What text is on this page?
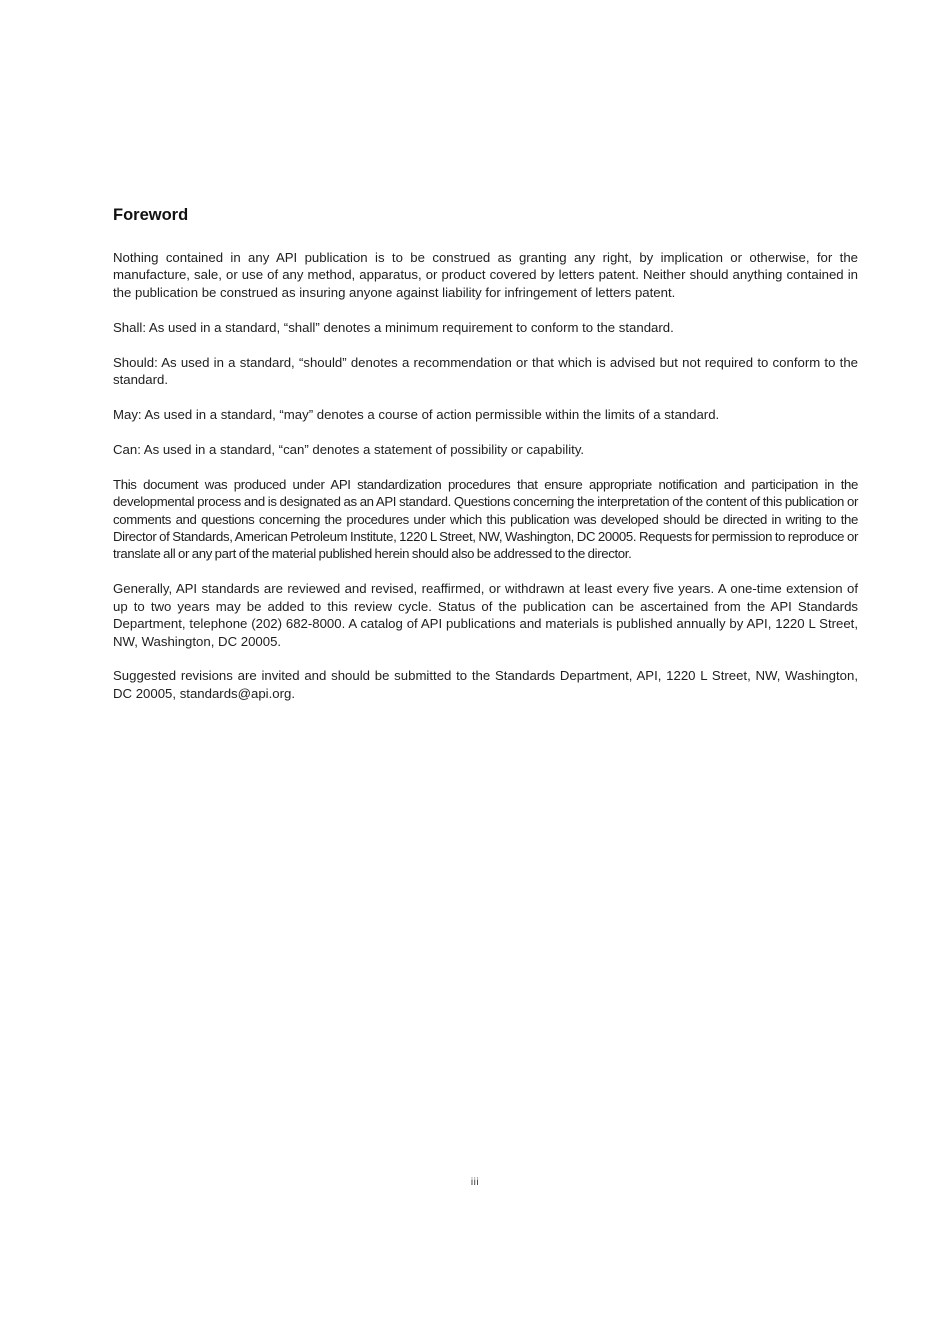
Foreword

Nothing contained in any API publication is to be construed as granting any right, by implication or otherwise, for the manufacture, sale, or use of any method, apparatus, or product covered by letters patent. Neither should anything contained in the publication be construed as insuring anyone against liability for infringement of letters patent.

Shall: As used in a standard, “shall” denotes a minimum requirement to conform to the standard.

Should: As used in a standard, “should” denotes a recommendation or that which is advised but not required to conform to the standard.

May: As used in a standard, “may” denotes a course of action permissible within the limits of a standard.

Can: As used in a standard, “can” denotes a statement of possibility or capability.

This document was produced under API standardization procedures that ensure appropriate notification and participation in the developmental process and is designated as an API standard. Questions concerning the interpretation of the content of this publication or comments and questions concerning the procedures under which this publication was developed should be directed in writing to the Director of Standards, American Petroleum Institute, 1220 L Street, NW, Washington, DC 20005. Requests for permission to reproduce or translate all or any part of the material published herein should also be addressed to the director.

Generally, API standards are reviewed and revised, reaffirmed, or withdrawn at least every five years. A one-time extension of up to two years may be added to this review cycle. Status of the publication can be ascertained from the API Standards Department, telephone (202) 682-8000. A catalog of API publications and materials is published annually by API, 1220 L Street, NW, Washington, DC 20005.

Suggested revisions are invited and should be submitted to the Standards Department, API, 1220 L Street, NW, Washington, DC 20005, standards@api.org.

iii
